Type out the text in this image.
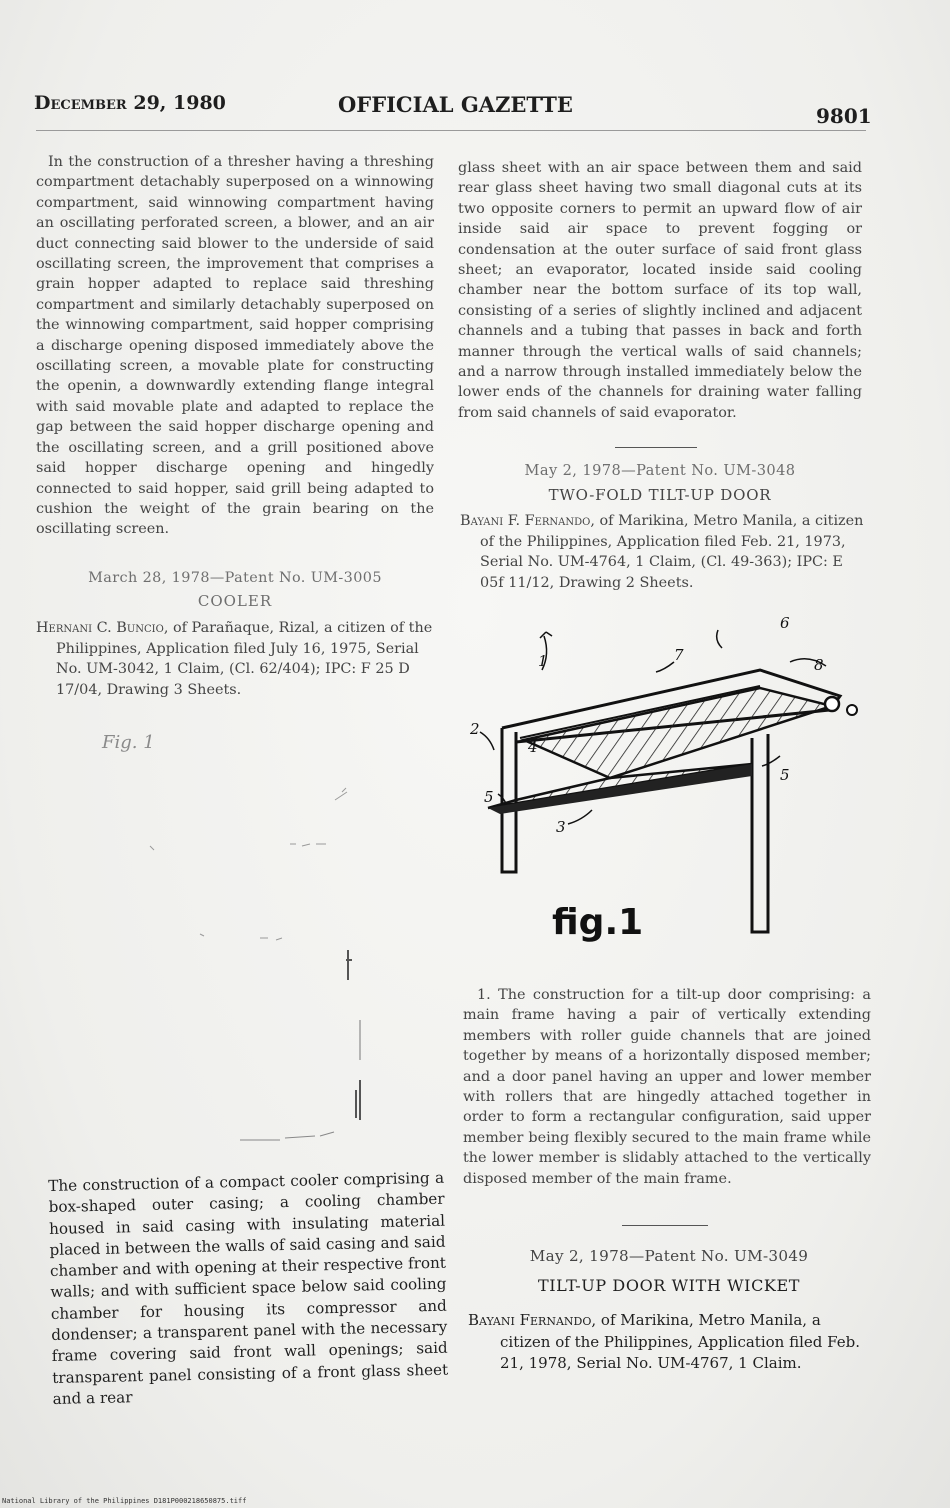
December 29, 1980	OFFICIAL GAZETTE	9801

In the construction of a thresher having a threshing compartment detachably superposed on a winnowing compartment, said winnowing compartment having an oscillating perforated screen, a blower, and an air duct connecting said blower to the underside of said oscillating screen, the improvement that comprises a grain hopper adapted to replace said threshing compartment and similarly detachably superposed on the winnowing compartment, said hopper comprising a discharge opening disposed immediately above the oscillating screen, a movable plate for constructing the openin, a downwardly extending flange integral with said movable plate and adapted to replace the gap between the said hopper discharge opening and the oscillating screen, and a grill positioned above said hopper discharge opening and hingedly connected to said hopper, said grill being adapted to cushion the weight of the grain bearing on the oscillating screen.

March 28, 1978—Patent No. UM-3005
COOLER

Hernani C. Buncio, of Parañaque, Rizal, a citizen of the Philippines, Application filed July 16, 1975, Serial No. UM-3042, 1 Claim, (Cl. 62/404); IPC: F 25 D 17/04, Drawing 3 Sheets.

Fig. 1

The construction of a compact cooler comprising a box-shaped outer casing; a cooling chamber housed in said casing with insulating material placed in between the walls of said casing and said chamber and with opening at their respective front walls; and with sufficient space below said cooling chamber for housing its compressor and dondenser; a transparent panel with the necessary frame covering said front wall openings; said transparent panel consisting of a front glass sheet and a rear

glass sheet with an air space between them and said rear glass sheet having two small diagonal cuts at its two opposite corners to permit an upward flow of air inside said air space to prevent fogging or condensation at the outer surface of said front glass sheet; an evaporator, located inside said cooling chamber near the bottom surface of its top wall, consisting of a series of slightly inclined and adjacent channels and a tubing that passes in back and forth manner through the vertical walls of said channels; and a narrow through installed immediately below the lower ends of the channels for draining water falling from said channels of said evaporator.

May 2, 1978—Patent No. UM-3048
TWO-FOLD TILT-UP DOOR

Bayani F. Fernando, of Marikina, Metro Manila, a citizen of the Philippines, Application filed Feb. 21, 1973, Serial No. UM-4764, 1 Claim, (Cl. 49-363); IPC: E 05f 11/12, Drawing 2 Sheets.

1
2
3
4
5
5
6
7
8
fig.1

1. The construction for a tilt-up door comprising: a main frame having a pair of vertically extending members with roller guide channels that are joined together by means of a horizontally disposed member; and a door panel having an upper and lower member with rollers that are hingedly attached together in order to form a rectangular configuration, said upper member being flexibly secured to the main frame while the lower member is slidably attached to the vertically disposed member of the main frame.

May 2, 1978—Patent No. UM-3049
TILT-UP DOOR WITH WICKET

Bayani Fernando, of Marikina, Metro Manila, a citizen of the Philippines, Application filed Feb. 21, 1978, Serial No. UM-4767, 1 Claim.

National Library of the Philippines D181P000218650875.tiff
